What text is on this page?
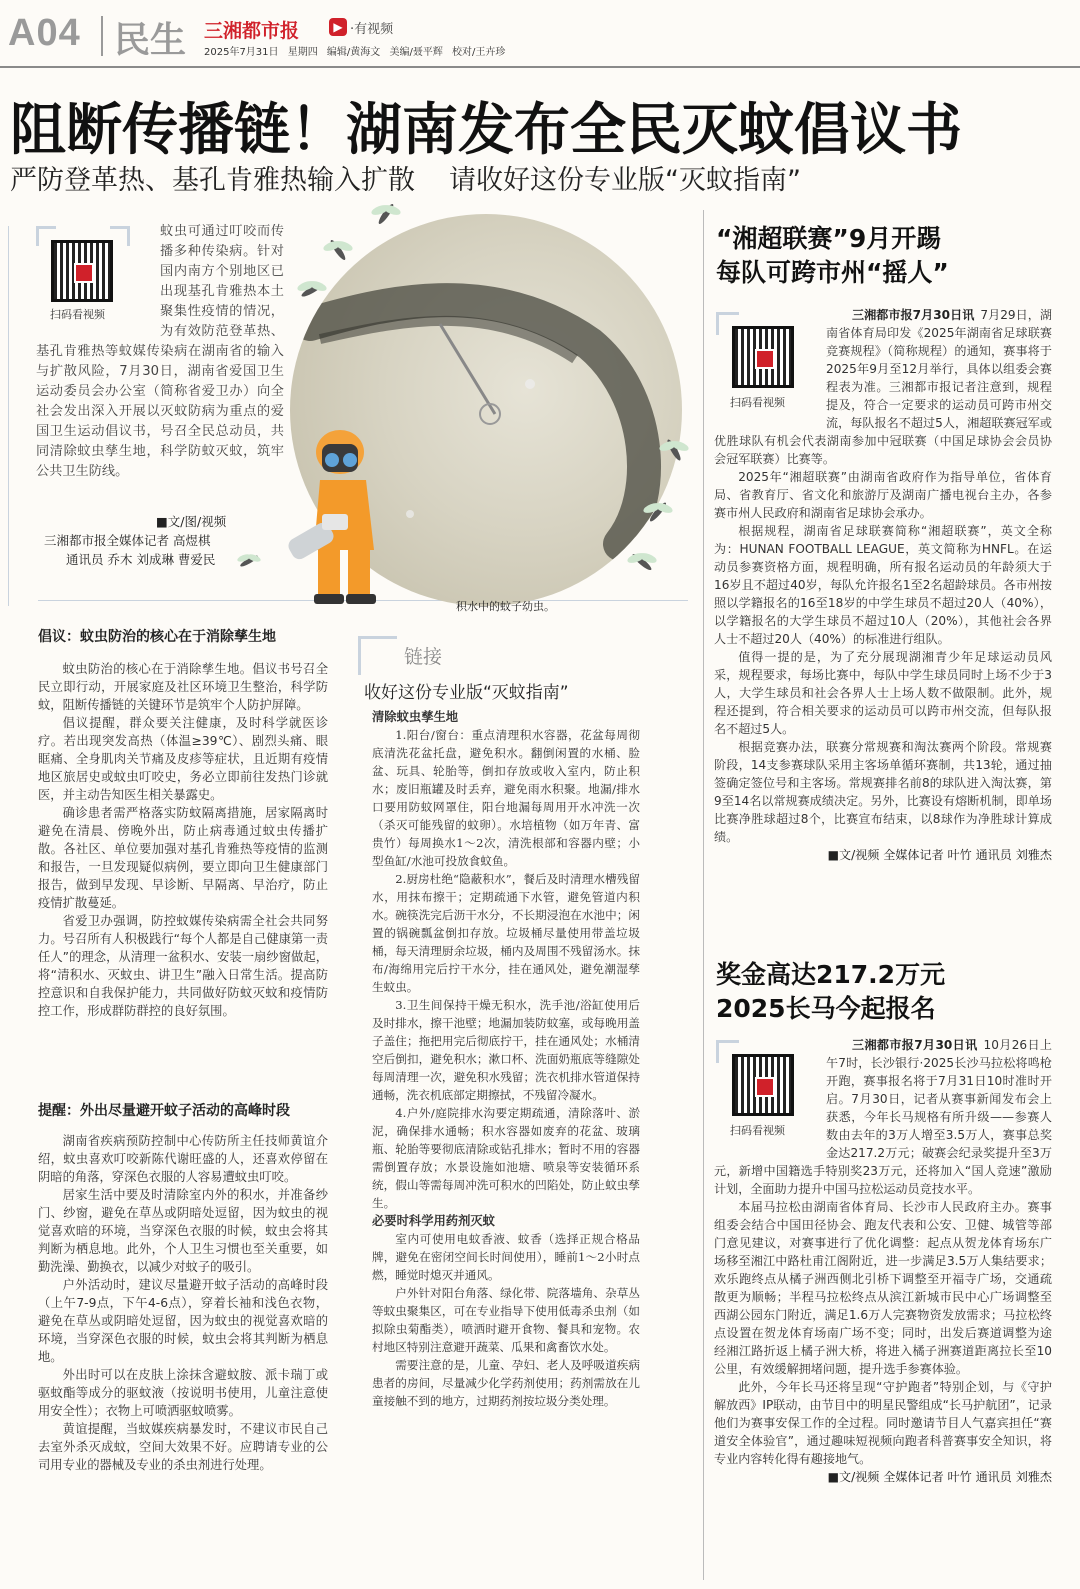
A04 民生 三湘都市报	▶ ·有视频
2025年7月31日 星期四 编辑/黄海文 美编/聂平辉 校对/王卉珍
阻断传播链！湖南发布全民灭蚊倡议书
严防登革热、基孔肯雅热输入扩散 请收好这份专业版“灭蚊指南”
扫码看视频
蚊虫可通过叮咬而传播多种传染病。针对国内南方个别地区已出现基孔肯雅热本土聚集性疫情的情况，为有效防范登革热、基孔肯雅热等蚊媒传染病在湖南省的输入与扩散风险，7月30日，湖南省爱国卫生运动委员会办公室（简称省爱卫办）向全社会发出深入开展以灭蚊防病为重点的爱国卫生运动倡议书，号召全民总动员，共同清除蚊虫孳生地，科学防蚊灭蚊，筑牢公共卫生防线。
■文/图/视频
三湘都市报全媒体记者 高煜棋
通讯员 乔木 刘成琳 曹爱民
积水中的蚊子幼虫。
倡议：蚊虫防治的核心在于消除孳生地

蚊虫防治的核心在于消除孳生地。倡议书号召全民立即行动，开展家庭及社区环境卫生整治，科学防蚊，阻断传播链的关键环节是筑牢个人防护屏障。

倡议提醒，群众要关注健康，及时科学就医诊疗。若出现突发高热（体温≥39℃）、剧烈头痛、眼眶痛、全身肌肉关节痛及皮疹等症状，且近期有疫情地区旅居史或蚊虫叮咬史，务必立即前往发热门诊就医，并主动告知医生相关暴露史。

确诊患者需严格落实防蚊隔离措施，居家隔离时避免在清晨、傍晚外出，防止病毒通过蚊虫传播扩散。各社区、单位要加强对基孔肯雅热等疫情的监测和报告，一旦发现疑似病例，要立即向卫生健康部门报告，做到早发现、早诊断、早隔离、早治疗，防止疫情扩散蔓延。

省爱卫办强调，防控蚊媒传染病需全社会共同努力。号召所有人积极践行“每个人都是自己健康第一责任人”的理念，从清理一盆积水、安装一扇纱窗做起，将“清积水、灭蚊虫、讲卫生”融入日常生活。提高防控意识和自我保护能力，共同做好防蚊灭蚊和疫情防控工作，形成群防群控的良好氛围。

提醒：外出尽量避开蚊子活动的高峰时段

湖南省疾病预防控制中心传防所主任技师黄谊介绍，蚊虫喜欢叮咬新陈代谢旺盛的人，还喜欢停留在阴暗的角落，穿深色衣服的人容易遭蚊虫叮咬。

居家生活中要及时清除室内外的积水，并准备纱门、纱窗，避免在草丛或阴暗处逗留，因为蚊虫的视觉喜欢暗的环境，当穿深色衣服的时候，蚊虫会将其判断为栖息地。此外，个人卫生习惯也至关重要，如勤洗澡、勤换衣，以减少对蚊子的吸引。

户外活动时，建议尽量避开蚊子活动的高峰时段（上午7-9点，下午4-6点），穿着长袖和浅色衣物，避免在草丛或阴暗处逗留，因为蚊虫的视觉喜欢暗的环境，当穿深色衣服的时候，蚊虫会将其判断为栖息地。

外出时可以在皮肤上涂抹含避蚊胺、派卡瑞丁或驱蚊酯等成分的驱蚊液（按说明书使用，儿童注意使用安全性）；衣物上可喷洒驱蚊喷雾。

黄谊提醒，当蚊媒疾病暴发时，不建议市民自己去室外杀灭成蚊，空间大效果不好。应聘请专业的公司用专业的器械及专业的杀虫剂进行处理。

链接
收好这份专业版“灭蚊指南”

清除蚊虫孳生地

1.阳台/窗台：重点清理积水容器，花盆每周彻底清洗花盆托盘，避免积水。翻倒闲置的水桶、脸盆、玩具、轮胎等，倒扣存放或收入室内，防止积水；废旧瓶罐及时丢弃，避免雨水积聚。地漏/排水口要用防蚊网罩住，阳台地漏每周用开水冲洗一次（杀灭可能残留的蚊卵）。水培植物（如万年青、富贵竹）每周换水1～2次，清洗根部和容器内壁；小型鱼缸/水池可投放食蚊鱼。

2.厨房杜绝“隐蔽积水”，餐后及时清理水槽残留水，用抹布擦干；定期疏通下水管，避免管道内积水。碗筷洗完后沥干水分，不长期浸泡在水池中；闲置的锅碗瓢盆倒扣存放。垃圾桶尽量使用带盖垃圾桶，每天清理厨余垃圾，桶内及周围不残留汤水。抹布/海绵用完后拧干水分，挂在通风处，避免潮湿孳生蚊虫。

3.卫生间保持干燥无积水，洗手池/浴缸使用后及时排水，擦干池壁；地漏加装防蚊塞，或每晚用盖子盖住；拖把用完后彻底拧干，挂在通风处；水桶清空后倒扣，避免积水；漱口杯、洗面奶瓶底等缝隙处每周清理一次，避免积水残留；洗衣机排水管道保持通畅，洗衣机底部定期擦拭，不残留冷凝水。

4.户外/庭院排水沟要定期疏通，清除落叶、淤泥，确保排水通畅；积水容器如废弃的花盆、玻璃瓶、轮胎等要彻底清除或钻孔排水；暂时不用的容器需倒置存放；水景设施如池塘、喷泉等安装循环系统，假山等需每周冲洗可积水的凹陷处，防止蚊虫孳生。

必要时科学用药剂灭蚊

室内可使用电蚊香液、蚊香（选择正规合格品牌，避免在密闭空间长时间使用），睡前1～2小时点燃，睡觉时熄灭并通风。

户外针对阳台角落、绿化带、院落墙角、杂草丛等蚊虫聚集区，可在专业指导下使用低毒杀虫剂（如拟除虫菊酯类），喷洒时避开食物、餐具和宠物。农村地区特别注意避开蔬菜、瓜果和禽畜饮水处。

需要注意的是，儿童、孕妇、老人及呼吸道疾病患者的房间，尽量减少化学药剂使用；药剂需放在儿童接触不到的地方，过期药剂按垃圾分类处理。

“湘超联赛”9月开踢
每队可跨市州“摇人”
扫码看视频

三湘都市报7月30日讯 7月29日，湖南省体育局印发《2025年湖南省足球联赛竞赛规程》（简称规程）的通知，赛事将于2025年9月至12月举行，具体以组委会赛程表为准。三湘都市报记者注意到，规程提及，符合一定要求的运动员可跨市州交流，每队报名不超过5人，湘超联赛冠军或优胜球队有机会代表湖南参加中冠联赛（中国足球协会会员协会冠军联赛）比赛等。

2025年“湘超联赛”由湖南省政府作为指导单位，省体育局、省教育厅、省文化和旅游厅及湖南广播电视台主办，各参赛市州人民政府和湖南省足球协会承办。

根据规程，湖南省足球联赛简称“湘超联赛”，英文全称为：HUNAN FOOTBALL LEAGUE，英文简称为HNFL。在运动员参赛资格方面，规程明确，所有报名运动员的年龄须大于16岁且不超过40岁，每队允许报名1至2名超龄球员。各市州按照以学籍报名的16至18岁的中学生球员不超过20人（40%），以学籍报名的大学生球员不超过10人（20%），其他社会各界人士不超过20人（40%）的标准进行组队。

值得一提的是，为了充分展现湖湘青少年足球运动员风采，规程要求，每场比赛中，每队中学生球员同时上场不少于3人，大学生球员和社会各界人士上场人数不做限制。此外，规程还提到，符合相关要求的运动员可以跨市州交流，但每队报名不超过5人。

根据竞赛办法，联赛分常规赛和淘汰赛两个阶段。常规赛阶段，14支参赛球队采用主客场单循环赛制，共13轮，通过抽签确定签位号和主客场。常规赛排名前8的球队进入淘汰赛，第9至14名以常规赛成绩决定。另外，比赛设有熔断机制，即单场比赛净胜球超过8个，比赛宣布结束，以8球作为净胜球计算成绩。

■文/视频 全媒体记者 叶竹 通讯员 刘雅杰

奖金高达217.2万元
2025长马今起报名
扫码看视频

三湘都市报7月30日讯 10月26日上午7时，长沙银行·2025长沙马拉松将鸣枪开跑，赛事报名将于7月31日10时准时开启。7月30日，记者从赛事新闻发布会上获悉，今年长马规格有所升级——参赛人数由去年的3万人增至3.5万人，赛事总奖金达217.2万元；破赛会纪录奖提升至3万元，新增中国籍选手特别奖23万元，还将加入“国人竞速”激励计划，全面助力提升中国马拉松运动员竞技水平。

本届马拉松由湖南省体育局、长沙市人民政府主办。赛事组委会结合中国田径协会、跑友代表和公安、卫健、城管等部门意见建议，对赛事进行了优化调整：起点从贺龙体育场东广场移至湘江中路杜甫江阁附近，进一步满足3.5万人集结要求；欢乐跑终点从橘子洲西侧北引桥下调整至开福寺广场，交通疏散更为顺畅；半程马拉松终点从滨江新城市民中心广场调整至西湖公园东门附近，满足1.6万人完赛物资发放需求；马拉松终点设置在贺龙体育场南广场不变；同时，出发后赛道调整为途经湘江路折返上橘子洲大桥，将进入橘子洲赛道距离拉长至10公里，有效缓解拥堵问题，提升选手参赛体验。

此外，今年长马还将呈现“守护跑者”特别企划，与《守护解放西》IP联动，由节目中的明星民警组成“长马护航团”，记录他们为赛事安保工作的全过程。同时邀请节目人气嘉宾担任“赛道安全体验官”，通过趣味短视频向跑者科普赛事安全知识，将专业内容转化得有趣接地气。

■文/视频 全媒体记者 叶竹 通讯员 刘雅杰
